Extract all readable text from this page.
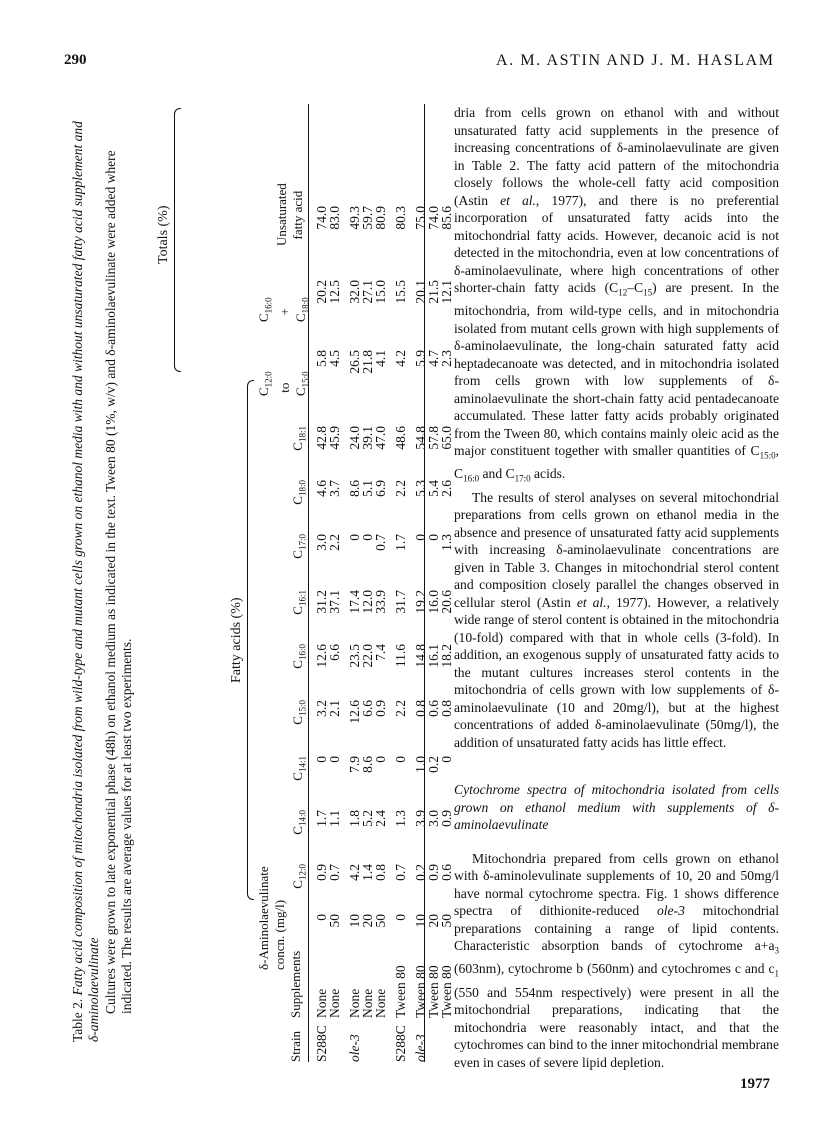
290	A. M. ASTIN AND J. M. HASLAM
Table 2. Fatty acid composition of mitochondria isolated from wild-type and mutant cells grown on ethanol media with and without unsaturated fatty acid supplement and δ-aminolaevulinate Cultures were grown to late exponential phase (48h) on ethanol medium as indicated in the text. Tween 80 (1%, w/v) and δ-aminolaevulinate were added where indicated. The results are average values for at least two experiments.
Totals (%)
Fatty acids (%)
Strain
Supplements
δ-Aminolaevulinate
concn. (mg/l)
$C_{12:0}$
$C_{14:0}$
$C_{14:1}$
$C_{15:0}$
$C_{16:0}$
$C_{16:1}$
$C_{17:0}$
$C_{18:0}$
$C_{18:1}$
$C_{12:0}$
to
$C_{15:0}$
$C_{16:0}$
+
$C_{18:0}$
Unsaturated
fatty acid
S288C
None
0
0.9
1.7
0
3.2
12.6
31.2
3.0
4.6
42.8
5.8
20.2
74.0
None
50
0.7
1.1
0
2.1
6.6
37.1
2.2
3.7
45.9
4.5
12.5
83.0
ole-3
None
10
4.2
1.8
7.9
12.6
23.5
17.4
0
8.6
24.0
26.5
32.0
49.3
None
20
1.4
5.2
8.6
6.6
22.0
12.0
0
5.1
39.1
21.8
27.1
59.7
None
50
0.8
2.4
0
0.9
7.4
33.9
0.7
6.9
47.0
4.1
15.0
80.9
S288C
Tween 80
0
0.7
1.3
0
2.2
11.6
31.7
1.7
2.2
48.6
4.2
15.5
80.3
ole-3
Tween 80
10
0.2
3.9
1.0
0.8
14.8
19.2
0
5.3
54.8
5.9
20.1
75.0
Tween 80
20
0.9
3.0
0.2
0.6
16.1
16.0
0
5.4
57.8
4.7
21.5
74.0
Tween 80
50
0.6
0.9
0
0.8
18.2
20.6
1.3
2.6
65.0
2.3
12.1
85.6

dria from cells grown on ethanol with and without unsaturated fatty acid supplements in the presence of increasing concentrations of δ-aminolaevulinate are given in Table 2. The fatty acid pattern of the mitochondria closely follows the whole-cell fatty acid composition (Astin et al., 1977), and there is no preferential incorporation of unsaturated fatty acids into the mitochondrial fatty acids. However, decanoic acid is not detected in the mitochondria, even at low concentrations of δ-aminolaevulinate, where high concentrations of other shorter-chain fatty acids $(C_{12}-C_{15})$ are present. In the mitochondria, from wild-type cells, and in mitochondria isolated from mutant cells grown with high supplements of δ-aminolaevulinate, the long-chain saturated fatty acid heptadecanoate was detected, and in mitochondria isolated from cells grown with low supplements of δ-aminolaevulinate the short-chain fatty acid pentadecanoate accumulated. These latter fatty acids probably originated from the Tween 80, which contains mainly oleic acid as the major constituent together with smaller quantities of $C_{15:0}$, $C_{16:0}$ and $C_{17:0}$ acids.

The results of sterol analyses on several mitochondrial preparations from cells grown on ethanol media in the absence and presence of unsaturated fatty acid supplements with increasing δ-aminolaevulinate concentrations are given in Table 3. Changes in mitochondrial sterol content and composition closely parallel the changes observed in cellular sterol (Astin et al., 1977). However, a relatively wide range of sterol content is obtained in the mitochondria (10-fold) compared with that in whole cells (3-fold). In addition, an exogenous supply of unsaturated fatty acids to the mutant cultures increases sterol contents in the mitochondria of cells grown with low supplements of δ-aminolaevulinate (10 and 20mg/l), but at the highest concentrations of added δ-aminolaevulinate (50mg/l), the addition of unsaturated fatty acids has little effect.

Cytochrome spectra of mitochondria isolated from cells grown on ethanol medium with supplements of δ-aminolaevulinate

Mitochondria prepared from cells grown on ethanol with δ-aminolevulinate supplements of 10, 20 and 50mg/l have normal cytochrome spectra. Fig. 1 shows difference spectra of dithionite-reduced ole-3 mitochondrial preparations containing a range of lipid contents. Characteristic absorption bands of cytochrome $a+a_3$ (603nm), cytochrome b (560nm) and cytochromes c and $c_1$ (550 and 554nm respectively) were present in all the mitochondrial preparations, indicating that the mitochondria were reasonably intact, and that the cytochromes can bind to the inner mitochondrial membrane even in cases of severe lipid depletion.

1977
